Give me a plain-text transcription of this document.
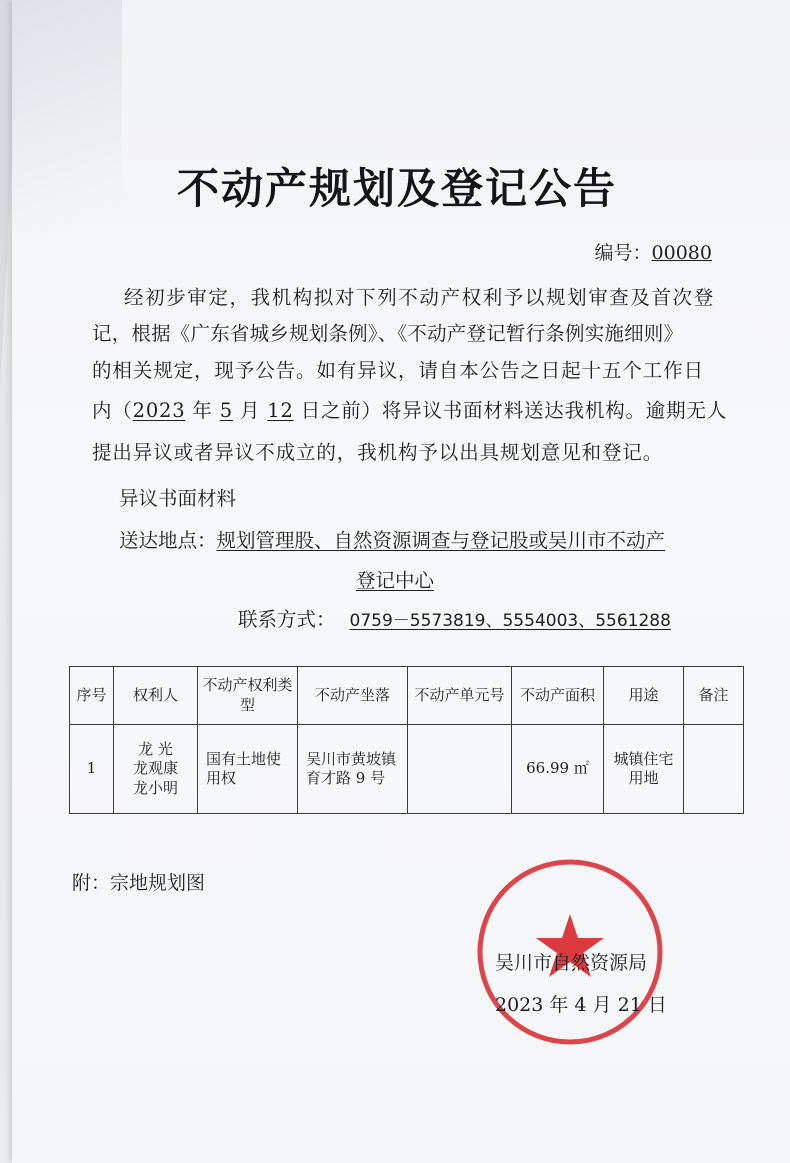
不动产规划及登记公告
编号：00080
经初步审定，我机构拟对下列不动产权利予以规划审查及首次登
记，根据《广东省城乡规划条例》、《不动产登记暂行条例实施细则》
的相关规定，现予公告。如有异议，请自本公告之日起十五个工作日
内（2023 年 5 月 12 日之前）将异议书面材料送达我机构。逾期无人
提出异议或者异议不成立的，我机构予以出具规划意见和登记。
异议书面材料
送达地点：规划管理股、自然资源调查与登记股或吴川市不动产
登记中心
联系方式： 0759－5573819、5554003、5561288
序号	权利人	不动产权利类型	不动产坐落	不动产单元号	不动产面积	用途	备注
1	龙 光
龙观康
龙小明	国有土地使用权	吴川市黄坡镇育才路 9 号		66.99 ㎡	城镇住宅用地	
附：宗地规划图
吴川市自然资源局
2023 年 4 月 21 日
